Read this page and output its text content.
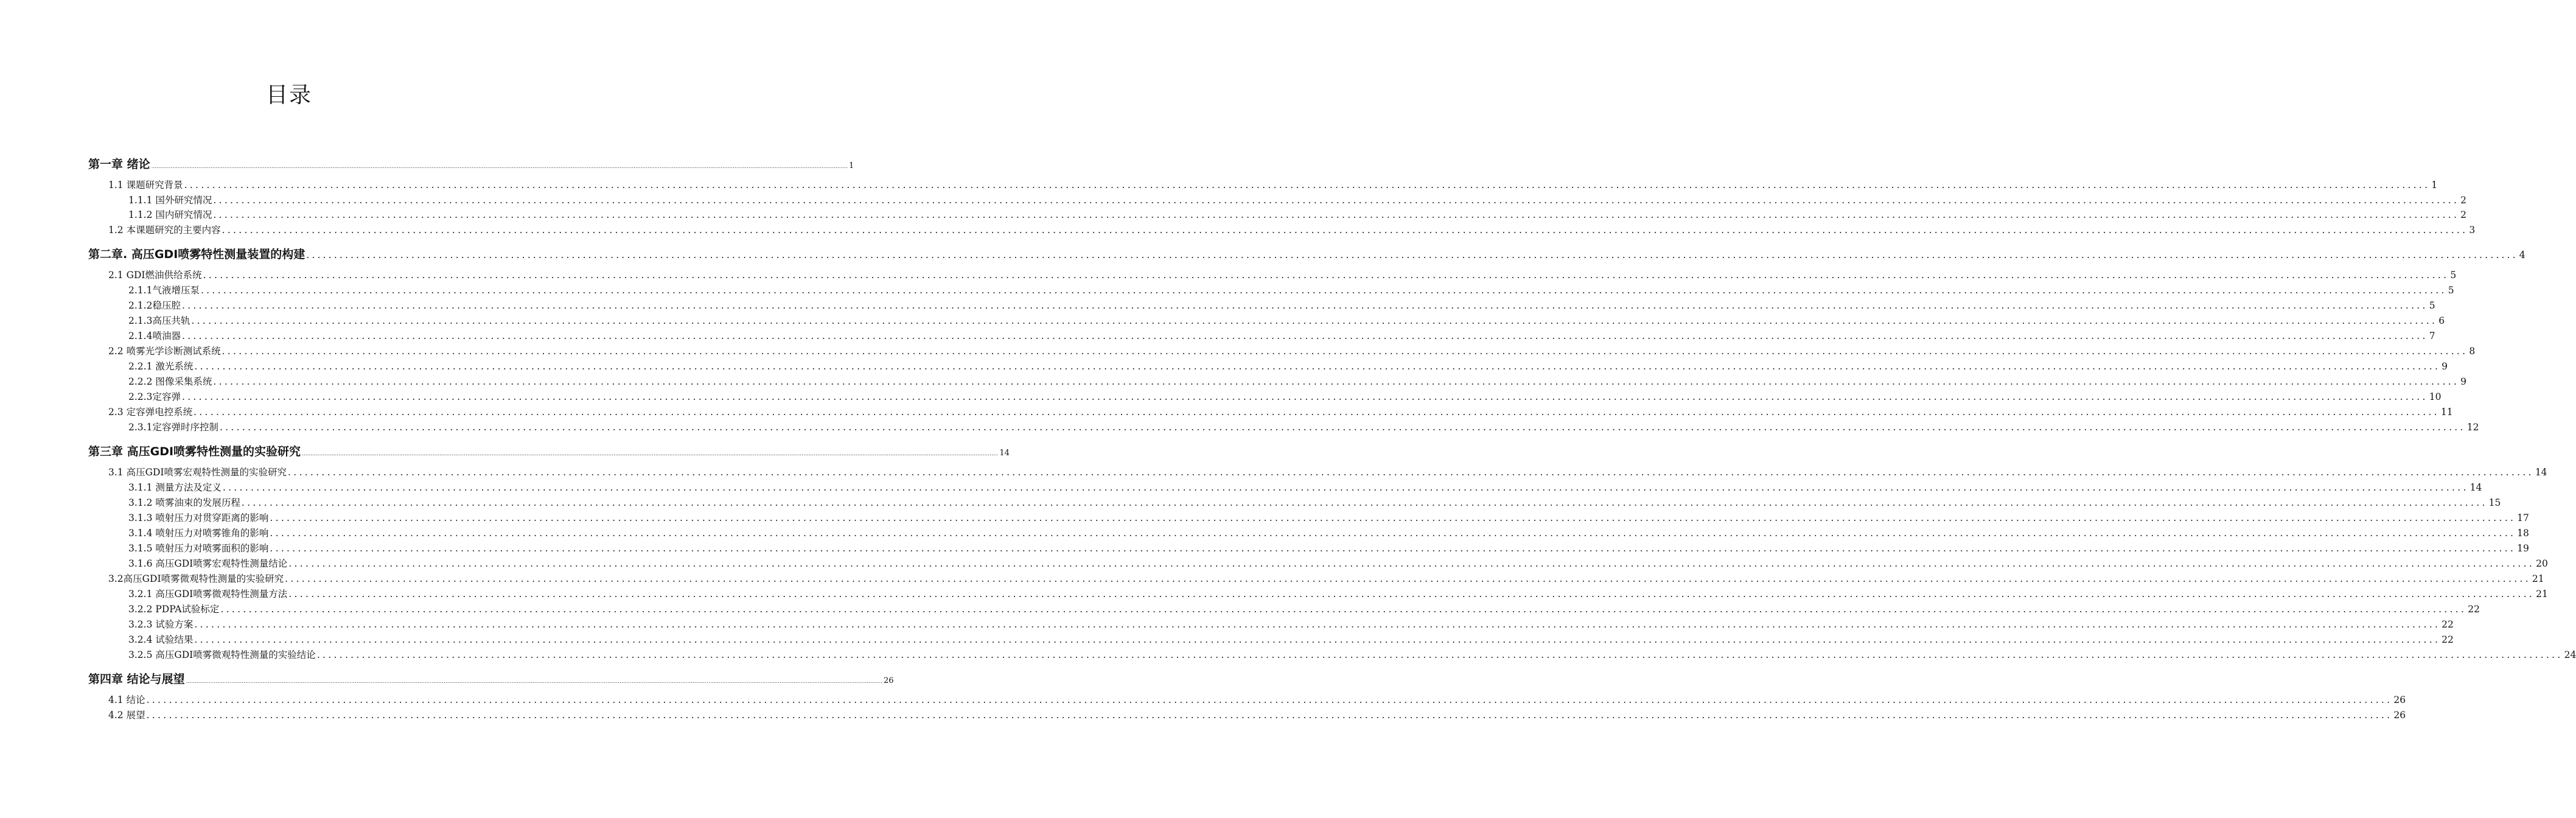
目录
第一章 绪论 ................................................................................................................................................................................................................................................................................................................................................................................................................ 1
1.1 课题研究背景 ................................................................................................................................................................................................................................................................................................................................................................................................................ 1
1.1.1 国外研究情况 ................................................................................................................................................................................................................................................................................................................................................................................................................ 2
1.1.2 国内研究情况 ................................................................................................................................................................................................................................................................................................................................................................................................................ 2
1.2 本课题研究的主要内容 ................................................................................................................................................................................................................................................................................................................................................................................................................ 3
第二章. 高压GDI喷雾特性测量装置的构建 ................................................................................................................................................................................................................................................................................................................................................................................................................ 4
2.1 GDI燃油供给系统 ................................................................................................................................................................................................................................................................................................................................................................................................................ 5
2.1.1气液增压泵 ................................................................................................................................................................................................................................................................................................................................................................................................................ 5
2.1.2稳压腔 ................................................................................................................................................................................................................................................................................................................................................................................................................ 5
2.1.3高压共轨 ................................................................................................................................................................................................................................................................................................................................................................................................................ 6
2.1.4喷油器 ................................................................................................................................................................................................................................................................................................................................................................................................................ 7
2.2 喷雾光学诊断测试系统 ................................................................................................................................................................................................................................................................................................................................................................................................................ 8
2.2.1 激光系统 ................................................................................................................................................................................................................................................................................................................................................................................................................ 9
2.2.2 图像采集系统 ................................................................................................................................................................................................................................................................................................................................................................................................................ 9
2.2.3定容弹 ................................................................................................................................................................................................................................................................................................................................................................................................................ 10
2.3 定容弹电控系统 ................................................................................................................................................................................................................................................................................................................................................................................................................ 11
2.3.1定容弹时序控制 ................................................................................................................................................................................................................................................................................................................................................................................................................ 12
第三章 高压GDI喷雾特性测量的实验研究 ................................................................................................................................................................................................................................................................................................................................................................................................................ 14
3.1 高压GDI喷雾宏观特性测量的实验研究 ................................................................................................................................................................................................................................................................................................................................................................................................................ 14
3.1.1 测量方法及定义 ................................................................................................................................................................................................................................................................................................................................................................................................................ 14
3.1.2 喷雾油束的发展历程 ................................................................................................................................................................................................................................................................................................................................................................................................................ 15
3.1.3 喷射压力对贯穿距离的影响 ................................................................................................................................................................................................................................................................................................................................................................................................................ 17
3.1.4 喷射压力对喷雾锥角的影响 ................................................................................................................................................................................................................................................................................................................................................................................................................ 18
3.1.5 喷射压力对喷雾面积的影响 ................................................................................................................................................................................................................................................................................................................................................................................................................ 19
3.1.6 高压GDI喷雾宏观特性测量结论 ................................................................................................................................................................................................................................................................................................................................................................................................................ 20
3.2高压GDI喷雾微观特性测量的实验研究 ................................................................................................................................................................................................................................................................................................................................................................................................................ 21
3.2.1 高压GDI喷雾微观特性测量方法 ................................................................................................................................................................................................................................................................................................................................................................................................................ 21
3.2.2 PDPA试验标定 ................................................................................................................................................................................................................................................................................................................................................................................................................ 22
3.2.3 试验方案 ................................................................................................................................................................................................................................................................................................................................................................................................................ 22
3.2.4 试验结果 ................................................................................................................................................................................................................................................................................................................................................................................................................ 22
3.2.5 高压GDI喷雾微观特性测量的实验结论 ................................................................................................................................................................................................................................................................................................................................................................................................................ 24
第四章 结论与展望 ................................................................................................................................................................................................................................................................................................................................................................................................................ 26
4.1 结论 ................................................................................................................................................................................................................................................................................................................................................................................................................ 26
4.2 展望 ................................................................................................................................................................................................................................................................................................................................................................................................................ 26
